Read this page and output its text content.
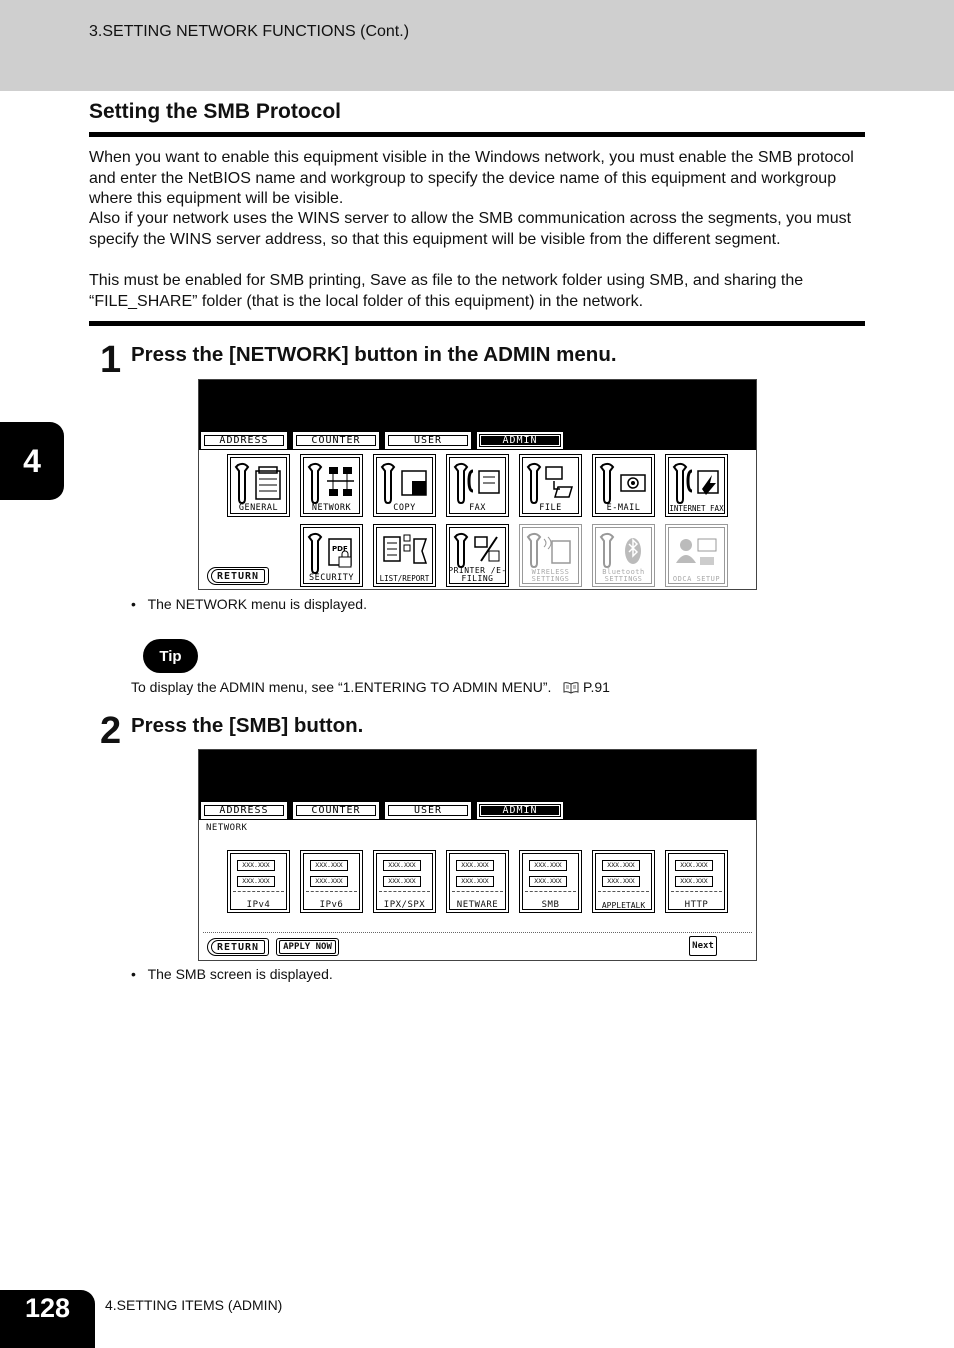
3.SETTING NETWORK FUNCTIONS (Cont.)
4
Setting the SMB Protocol
When you want to enable this equipment visible in the Windows network, you must enable the SMB protocol and enter the NetBIOS name and workgroup to specify the device name of this equipment and workgroup where this equipment will be visible.
Also if your network uses the WINS server to allow the SMB communication across the segments, you must specify the WINS server address, so that this equipment will be visible from the different segment.
This must be enabled for SMB printing, Save as file to the network folder using SMB, and sharing the “FILE_SHARE” folder (that is the local folder of this equipment) in the network.
1 Press the [NETWORK] button in the ADMIN menu.
ADDRESS	COUNTER	USER	ADMIN
GENERAL	NETWORK	COPY	FAX	FILE	E-MAIL	INTERNET FAX
PDF
SECURITY	LIST/REPORT
PRINTER /E-FILING
WIRELESS SETTINGS
Bluetooth SETTINGS	ODCA SETUP
RETURN
•   The NETWORK menu is displayed.
Tip
To display the ADMIN menu, see “1.ENTERING TO ADMIN MENU”. P.91
2 Press the [SMB] button.
ADDRESS	COUNTER	USER	ADMIN
NETWORK
XXX.XXX
XXX.XXX
IPv4
XXX.XXX
XXX.XXX
IPv6
XXX.XXX
XXX.XXX
IPX/SPX
XXX.XXX
XXX.XXX
NETWARE
XXX.XXX
XXX.XXX
SMB
XXX.XXX
XXX.XXX
APPLETALK
XXX.XXX
XXX.XXX
HTTP
RETURN	APPLY NOW	Next
•   The SMB screen is displayed.
128 4.SETTING ITEMS (ADMIN)
